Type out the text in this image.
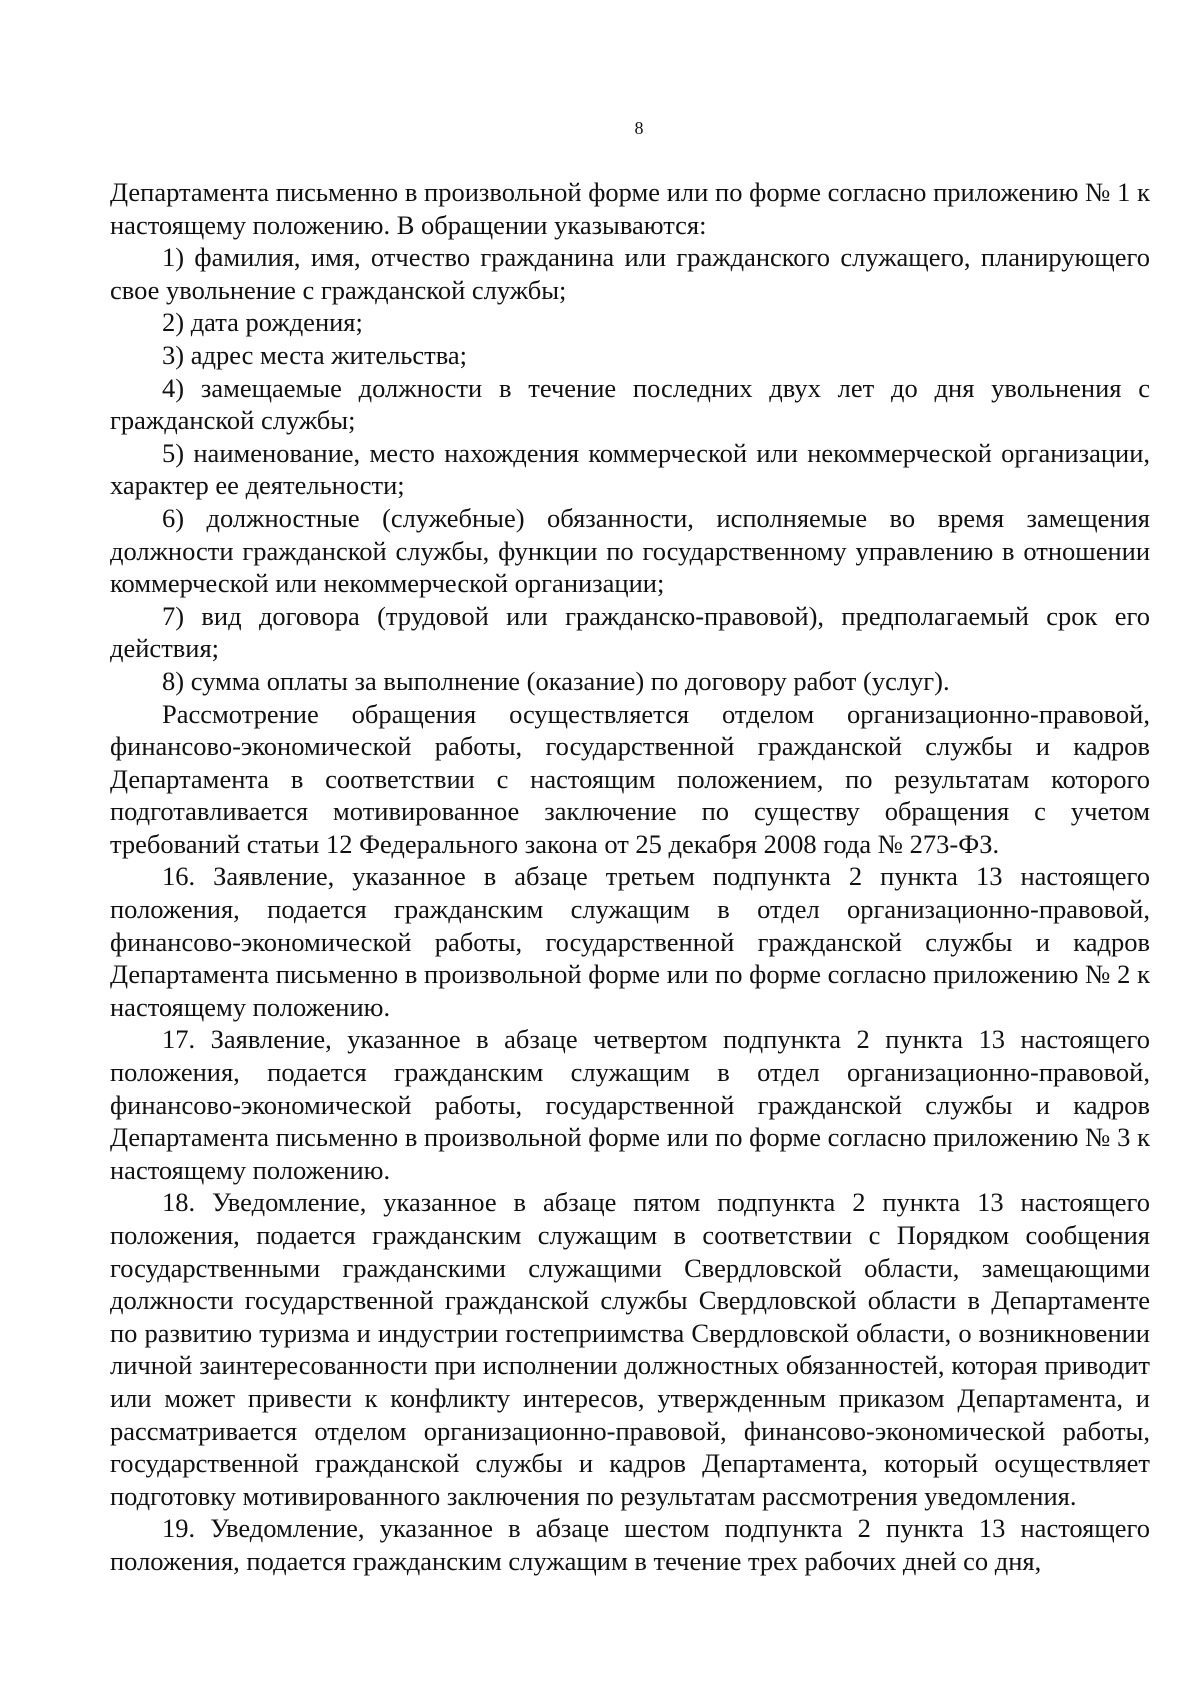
8

Департамента письменно в произвольной форме или по форме согласно приложению № 1 к настоящему положению. В обращении указываются:

1) фамилия, имя, отчество гражданина или гражданского служащего, планирующего свое увольнение с гражданской службы;

2) дата рождения;

3) адрес места жительства;

4) замещаемые должности в течение последних двух лет до дня увольнения с гражданской службы;

5) наименование, место нахождения коммерческой или некоммерческой организации, характер ее деятельности;

6) должностные (служебные) обязанности, исполняемые во время замещения должности гражданской службы, функции по государственному управлению в отношении коммерческой или некоммерческой организации;

7) вид договора (трудовой или гражданско-правовой), предполагаемый срок его действия;

8) сумма оплаты за выполнение (оказание) по договору работ (услуг).

Рассмотрение обращения осуществляется отделом организационно-правовой, финансово-экономической работы, государственной гражданской службы и кадров Департамента в соответствии с настоящим положением, по результатам которого подготавливается мотивированное заключение по существу обращения с учетом требований статьи 12 Федерального закона от 25 декабря 2008 года № 273-ФЗ.

16. Заявление, указанное в абзаце третьем подпункта 2 пункта 13 настоящего положения, подается гражданским служащим в отдел организационно-правовой, финансово-экономической работы, государственной гражданской службы и кадров Департамента письменно в произвольной форме или по форме согласно приложению № 2 к настоящему положению.

17. Заявление, указанное в абзаце четвертом подпункта 2 пункта 13 настоящего положения, подается гражданским служащим в отдел организационно-правовой, финансово-экономической работы, государственной гражданской службы и кадров Департамента письменно в произвольной форме или по форме согласно приложению № 3 к настоящему положению.

18. Уведомление, указанное в абзаце пятом подпункта 2 пункта 13 настоящего положения, подается гражданским служащим в соответствии с Порядком сообщения государственными гражданскими служащими Свердловской области, замещающими должности государственной гражданской службы Свердловской области в Департаменте по развитию туризма и индустрии гостеприимства Свердловской области, о возникновении личной заинтересованности при исполнении должностных обязанностей, которая приводит или может привести к конфликту интересов, утвержденным приказом Департамента, и рассматривается отделом организационно-правовой, финансово-экономической работы, государственной гражданской службы и кадров Департамента, который осуществляет подготовку мотивированного заключения по результатам рассмотрения уведомления.

19. Уведомление, указанное в абзаце шестом подпункта 2 пункта 13 настоящего положения, подается гражданским служащим в течение трех рабочих дней со дня,
